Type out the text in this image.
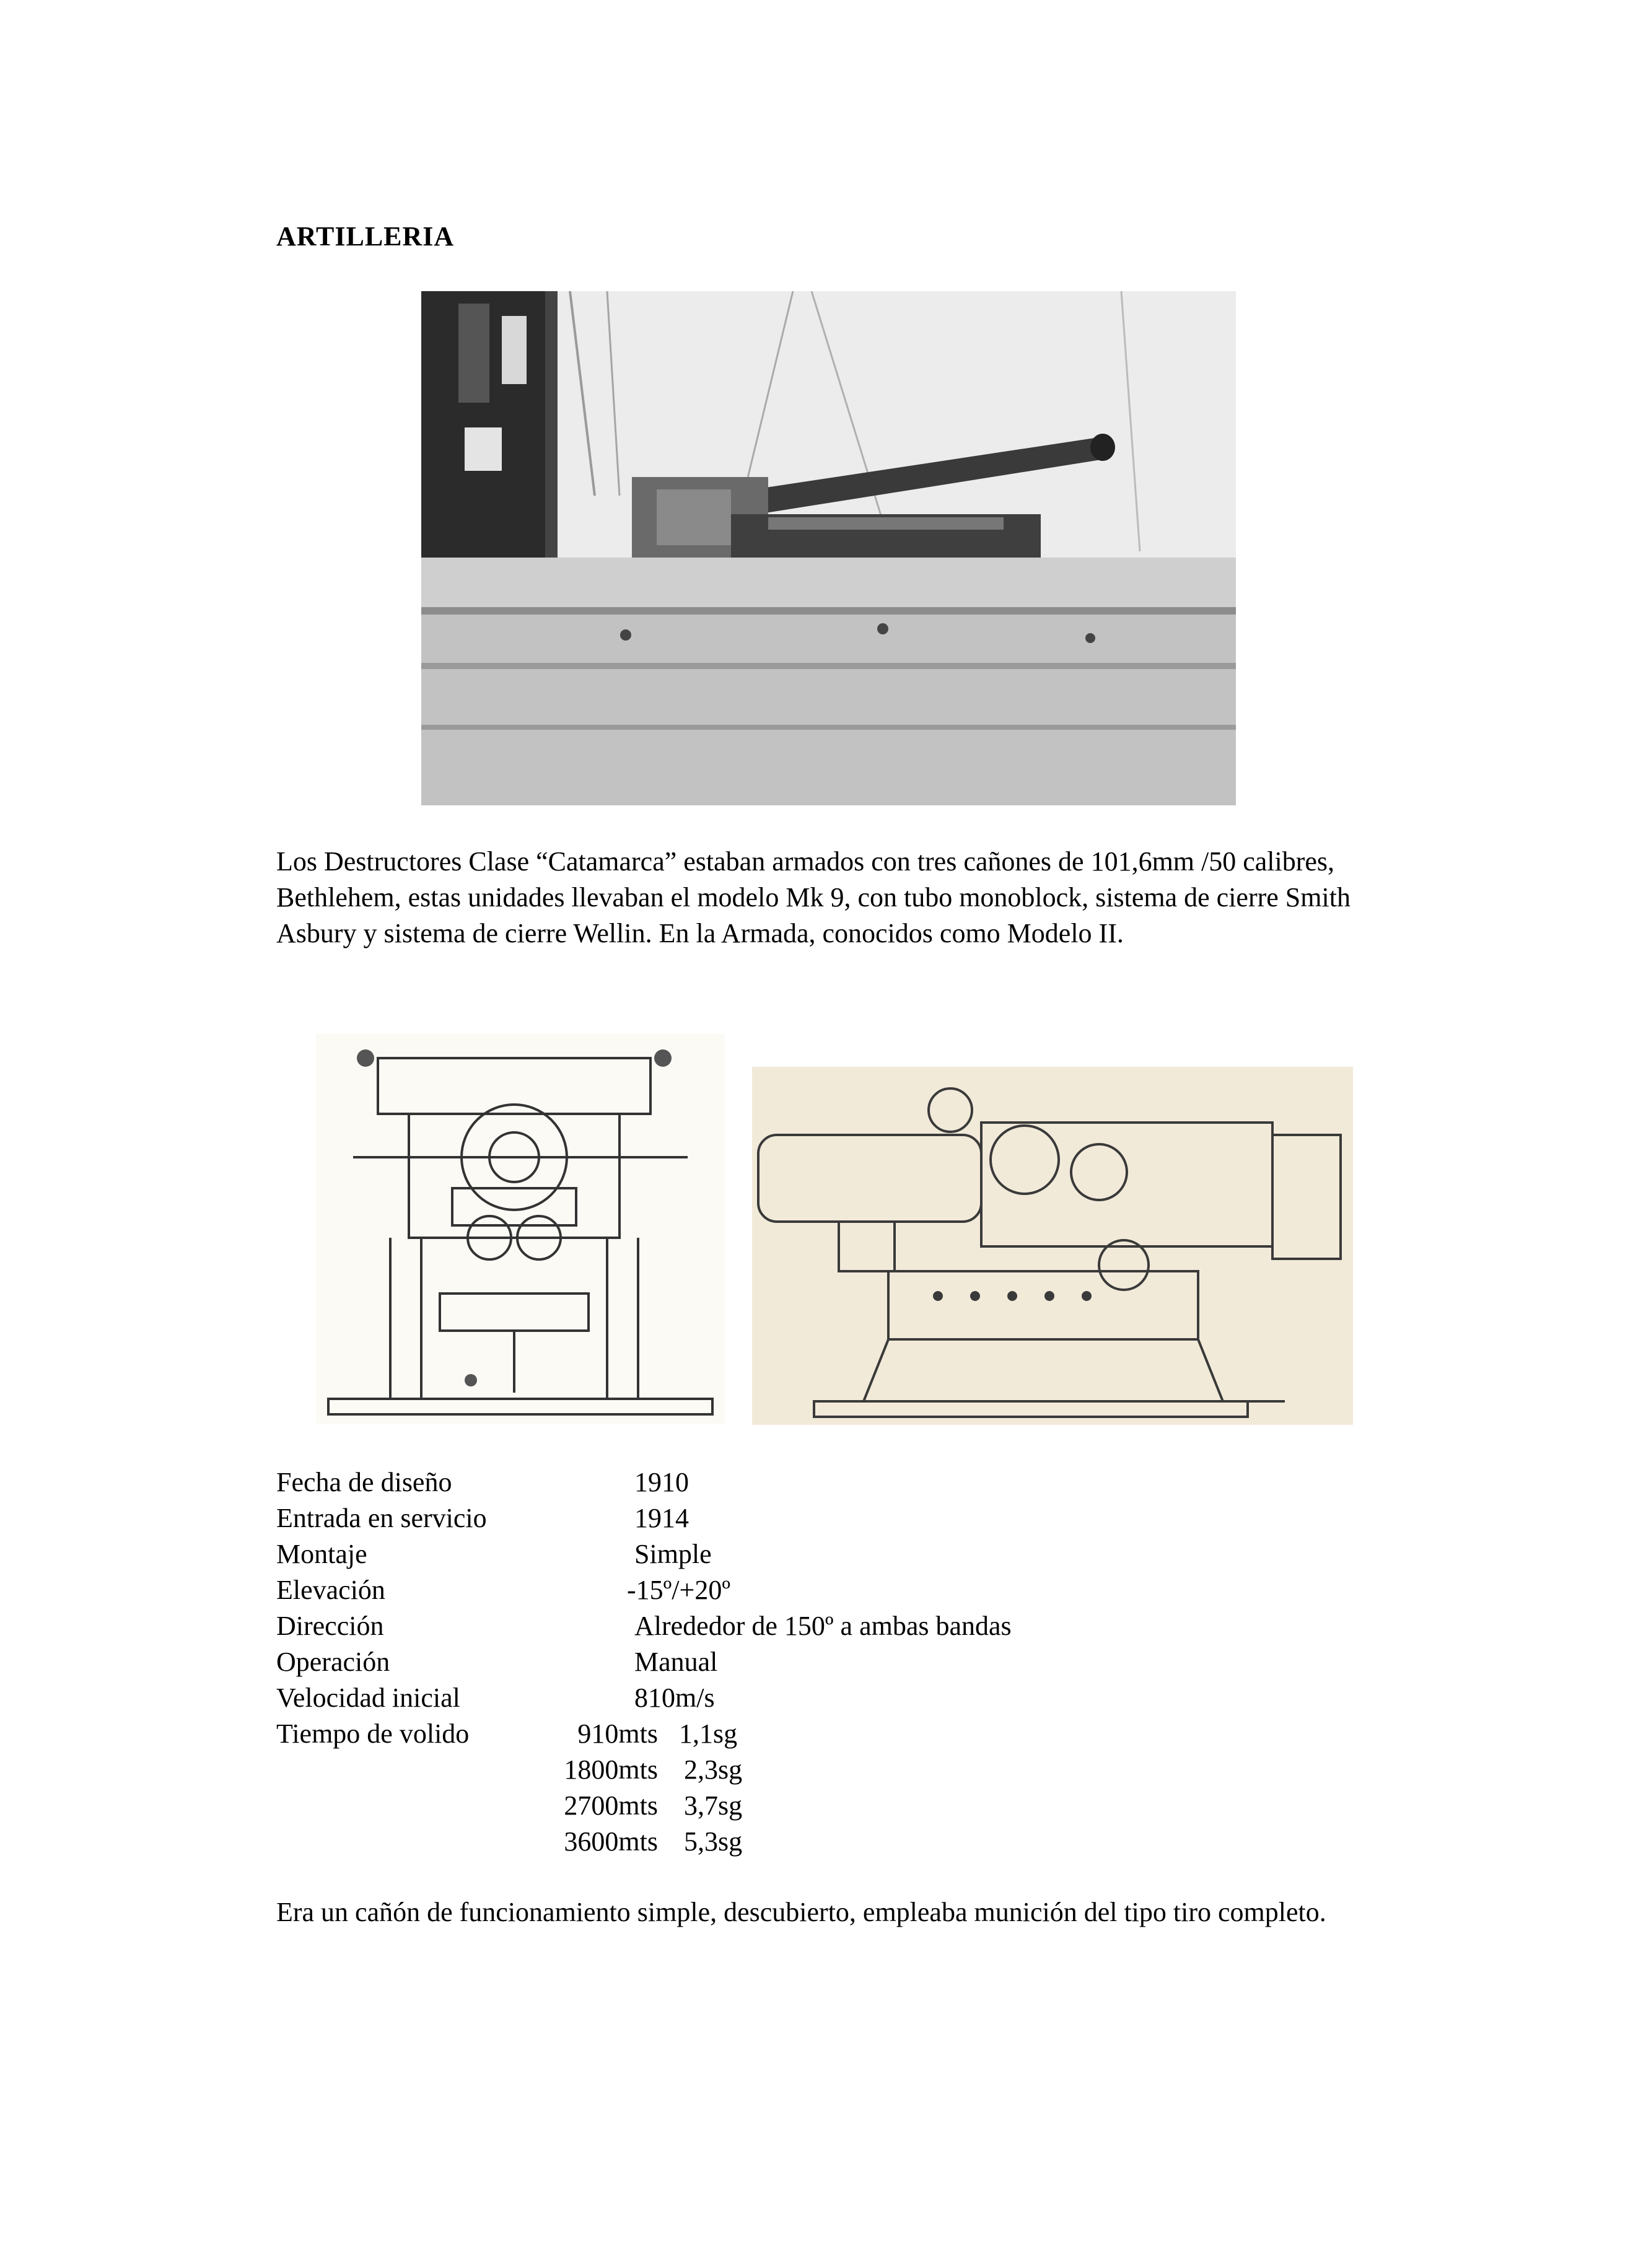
ARTILLERIA

Los Destructores Clase “Catamarca” estaban armados con tres cañones de 101,6mm /50 calibres, Bethlehem, estas unidades llevaban el modelo Mk 9, con tubo monoblock, sistema de cierre Smith Asbury y sistema de cierre Wellin. En la Armada, conocidos como Modelo II.

Fecha de diseño	1910
Entrada en servicio	1914
Montaje	Simple
Elevación	-15º/+20º
Dirección	Alrededor de 150º a ambas bandas
Operación	Manual
Velocidad inicial	810m/s
Tiempo de volido	910mts 1,1sg
1800mts 2,3sg
2700mts 3,7sg
3600mts 5,3sg

Era un cañón de funcionamiento simple, descubierto, empleaba munición del tipo tiro completo.
